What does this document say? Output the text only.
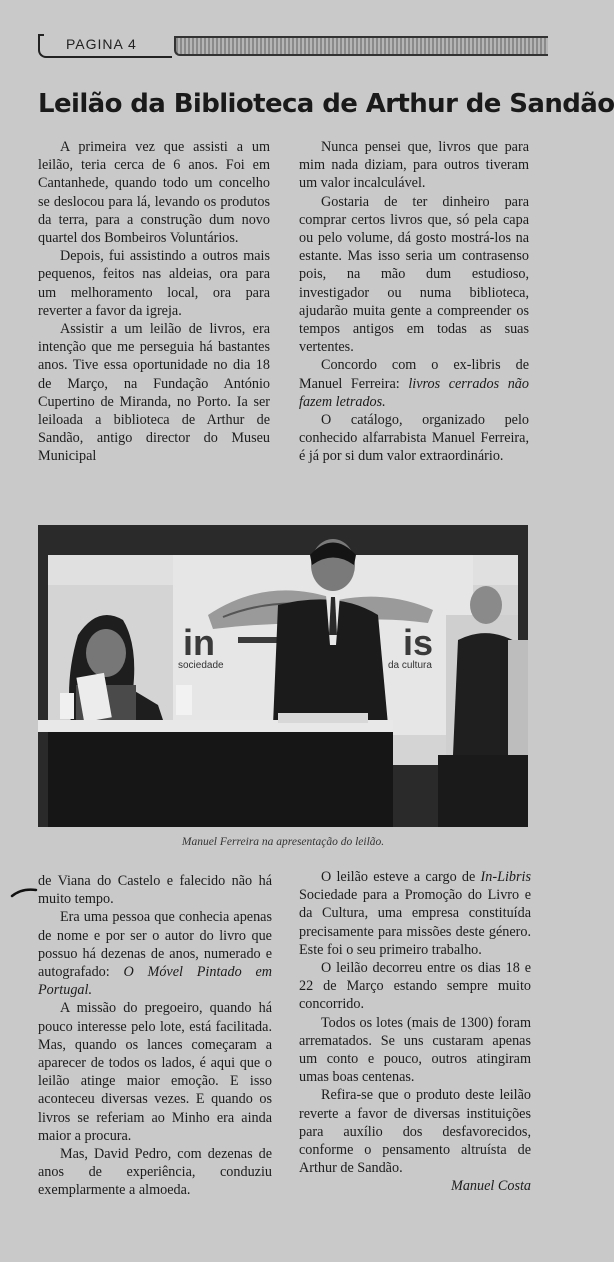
PAGINA 4
Leilão da Biblioteca de Arthur de Sandão

A primeira vez que assisti a um leilão, teria cerca de 6 anos. Foi em Cantanhede, quando todo um concelho se deslocou para lá, levando os produtos da terra, para a construção dum novo quartel dos Bombeiros Voluntários.

Depois, fui assistindo a outros mais pequenos, feitos nas aldeias, ora para um melhoramento local, ora para reverter a favor da igreja.

Assistir a um leilão de livros, era intenção que me perseguia há bastantes anos. Tive essa oportunidade no dia 18 de Março, na Fundação António Cupertino de Miranda, no Porto. Ia ser leiloada a biblioteca de Arthur de Sandão, antigo director do Museu Municipal

Nunca pensei que, livros que para mim nada diziam, para outros tiveram um valor incalculável.

Gostaria de ter dinheiro para comprar certos livros que, só pela capa ou pelo volume, dá gosto mostrá-los na estante. Mas isso seria um contrasenso pois, na mão dum estudioso, investigador ou numa biblioteca, ajudarão muita gente a compreender os tempos antigos em todas as suas vertentes.

Concordo com o ex-libris de Manuel Ferreira: livros cerrados não fazem letrados.

O catálogo, organizado pelo conhecido alfarrabista Manuel Ferreira, é já por si dum valor extraordinário.

in	is
sociedade	da cultura
Manuel Ferreira na apresentação do leilão.

de Viana do Castelo e falecido não há muito tempo.

Era uma pessoa que conhecia apenas de nome e por ser o autor do livro que possuo há dezenas de anos, numerado e autografado: O Móvel Pintado em Portugal.

A missão do pregoeiro, quando há pouco interesse pelo lote, está facilitada. Mas, quando os lances começaram a aparecer de todos os lados, é aqui que o leilão atinge maior emoção. E isso aconteceu diversas vezes. E quando os livros se referiam ao Minho era ainda maior a procura.

Mas, David Pedro, com dezenas de anos de experiência, conduziu exemplarmente a almoeda.

O leilão esteve a cargo de In-Libris Sociedade para a Promoção do Livro e da Cultura, uma empresa constituída precisamente para missões deste género. Este foi o seu primeiro trabalho.

O leilão decorreu entre os dias 18 e 22 de Março estando sempre muito concorrido.

Todos os lotes (mais de 1300) foram arrematados. Se uns custaram apenas um conto e pouco, outros atingiram umas boas centenas.

Refira-se que o produto deste leilão reverte a favor de diversas instituições para auxílio dos desfavorecidos, conforme o pensamento altruísta de Arthur de Sandão.

Manuel Costa
